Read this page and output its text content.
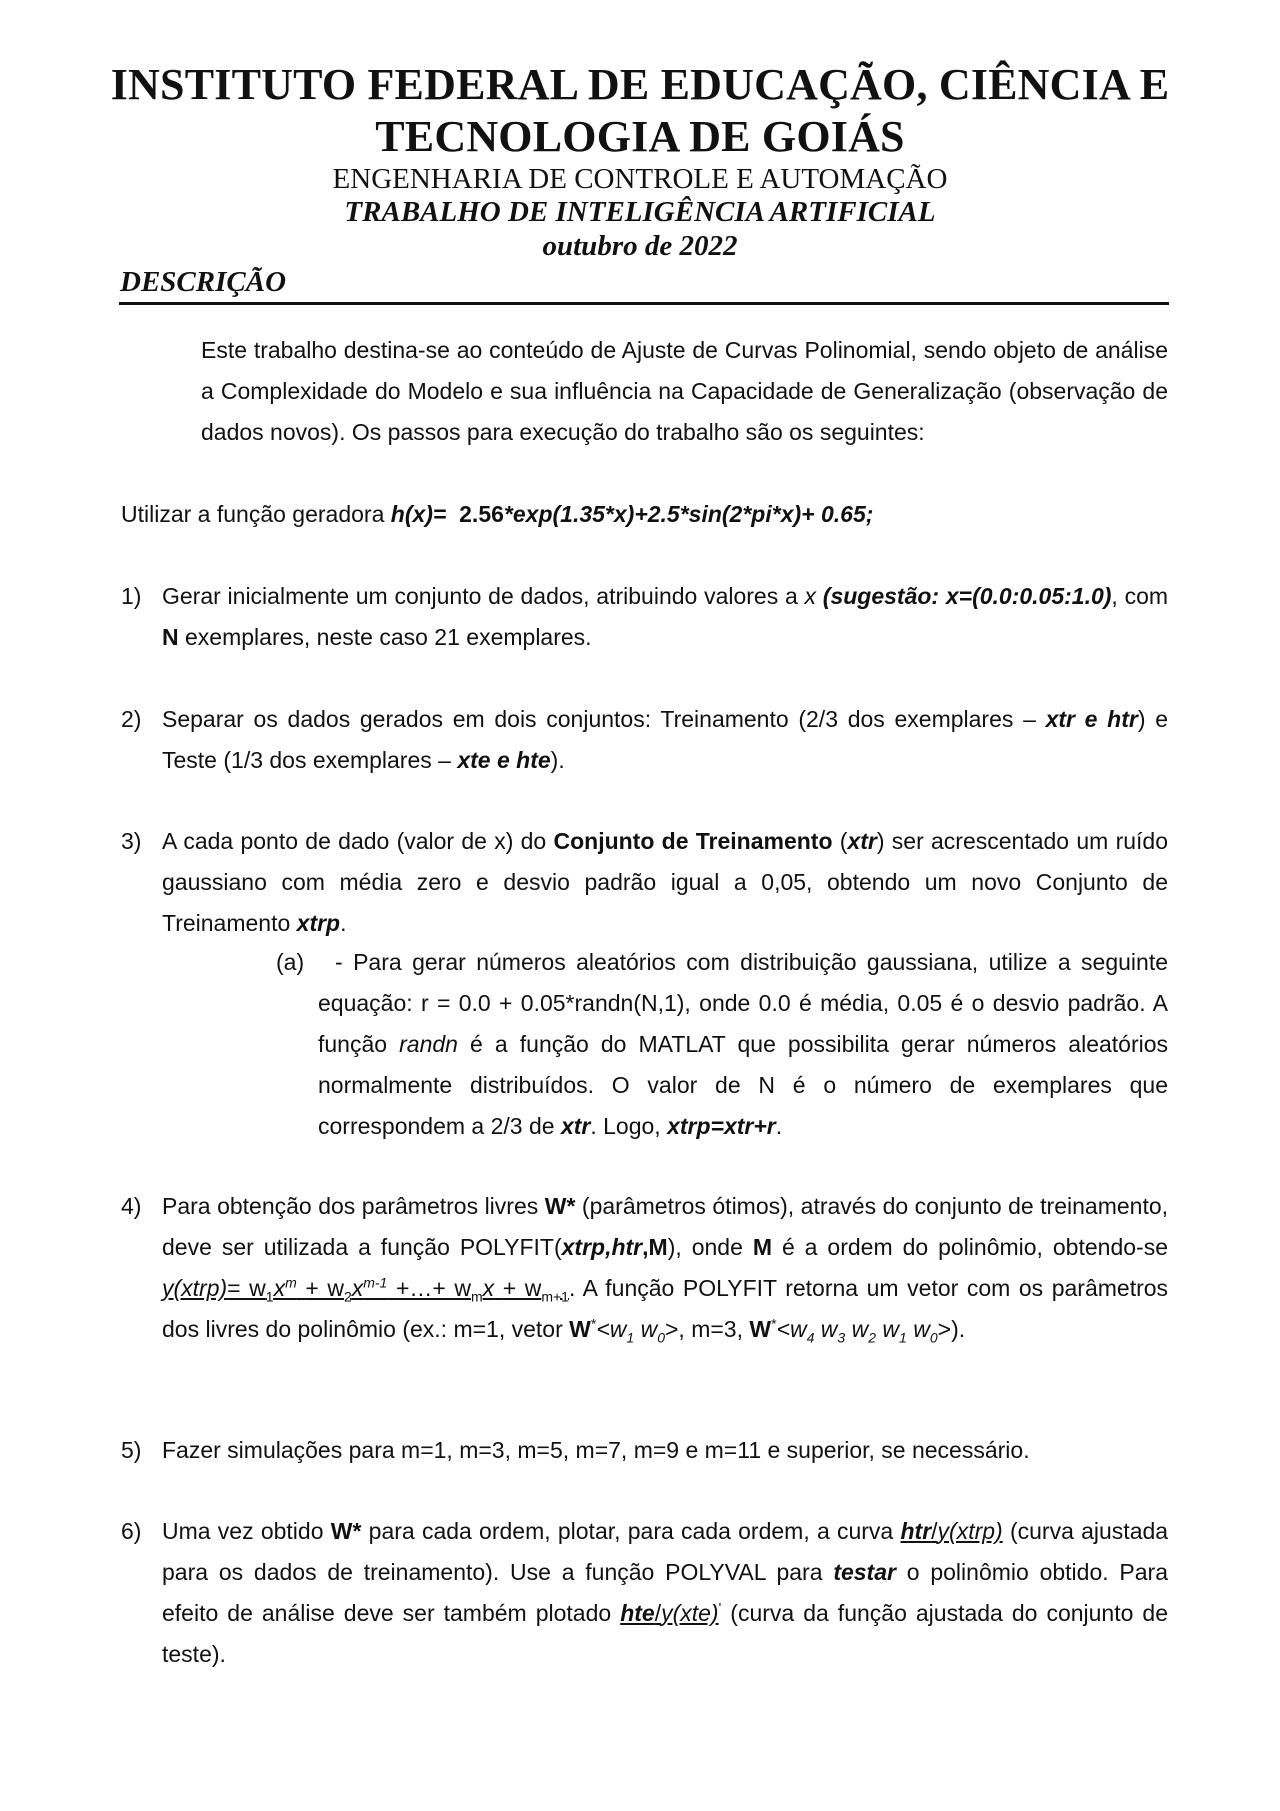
INSTITUTO FEDERAL DE EDUCAÇÃO, CIÊNCIA E
TECNOLOGIA DE GOIÁS
ENGENHARIA DE CONTROLE E AUTOMAÇÃO
TRABALHO DE INTELIGÊNCIA ARTIFICIAL
outubro de 2022
DESCRIÇÃO
Este trabalho destina-se ao conteúdo de Ajuste de Curvas Polinomial, sendo objeto de análise a Complexidade do Modelo e sua influência na Capacidade de Generalização (observação de dados novos). Os passos para execução do trabalho são os seguintes:
Utilizar a função geradora h(x)= 2.56*exp(1.35*x)+2.5*sin(2*pi*x)+ 0.65;
1) Gerar inicialmente um conjunto de dados, atribuindo valores a x (sugestão: x=(0.0:0.05:1.0), com N exemplares, neste caso 21 exemplares.
2) Separar os dados gerados em dois conjuntos: Treinamento (2/3 dos exemplares – xtr e htr) e Teste (1/3 dos exemplares – xte e hte).
3) A cada ponto de dado (valor de x) do Conjunto de Treinamento (xtr) ser acrescentado um ruído gaussiano com média zero e desvio padrão igual a 0,05, obtendo um novo Conjunto de Treinamento xtrp.
(a)	- Para gerar números aleatórios com distribuição gaussiana, utilize a seguinte equação: r = 0.0 + 0.05*randn(N,1), onde 0.0 é média, 0.05 é o desvio padrão. A função randn é a função do MATLAT que possibilita gerar números aleatórios normalmente distribuídos. O valor de N é o número de exemplares que correspondem a 2/3 de xtr. Logo, xtrp=xtr+r.
4) Para obtenção dos parâmetros livres W* (parâmetros ótimos), através do conjunto de treinamento, deve ser utilizada a função POLYFIT(xtrp,htr,M), onde M é a ordem do polinômio, obtendo-se y(xtrp)= $w_1x^m + w_2x^{m-1}$ +…+ $w_mx + w_{m+1}$. A função POLYFIT retorna um vetor com os parâmetros dos livres do polinômio (ex.: m=1, vetor $W^*<w_1$ $w_0>$, m=3, $W^*<w_4$ $w_3$ $w_2$ $w_1$ $w_0>$).
5) Fazer simulações para m=1, m=3, m=5, m=7, m=9 e m=11 e superior, se necessário.
6) Uma vez obtido W* para cada ordem, plotar, para cada ordem, a curva htr/y(xtrp) (curva ajustada para os dados de treinamento). Use a função POLYVAL para testar o polinômio obtido. Para efeito de análise deve ser também plotado hte/y(xte)' (curva da função ajustada do conjunto de teste).
